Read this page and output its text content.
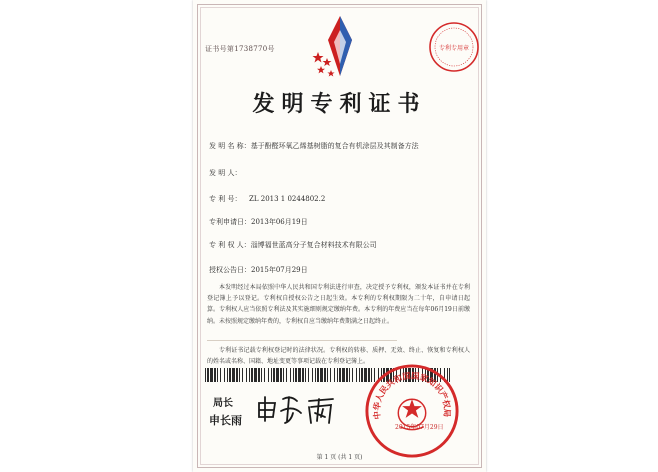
证书号第1738770号	专利专用章
发明专利证书
发 明 名 称：基于酚醛环氧乙烯基树脂的复合有机涂层及其制备方法
发 明 人：
专 利 号： ZL 2013 1 0244802.2
专利申请日：2013年06月19日
专 利 权 人：淄博福世蓝高分子复合材料技术有限公司
授权公告日：2015年07月29日
本发明经过本局依照中华人民共和国专利法进行审查，决定授予专利权，颁发本证书并在专利登记簿上予以登记。专利权自授权公告之日起生效。本专利的专利权期限为二十年，自申请日起算。专利权人应当依照专利法及其实施细则规定缴纳年费。本专利的年费应当在每年06月19日前缴纳。未按照规定缴纳年费的，专利权自应当缴纳年费期满之日起终止。
专利证书记载专利权登记时的法律状况。专利权的转移、质押、无效、终止、恢复和专利权人的姓名或名称、国籍、地址变更等事项记载在专利登记簿上。
局长
申长雨	中华人民共和国国家知识产权局
2015年07月29日
第 1 页 (共 1 页)
